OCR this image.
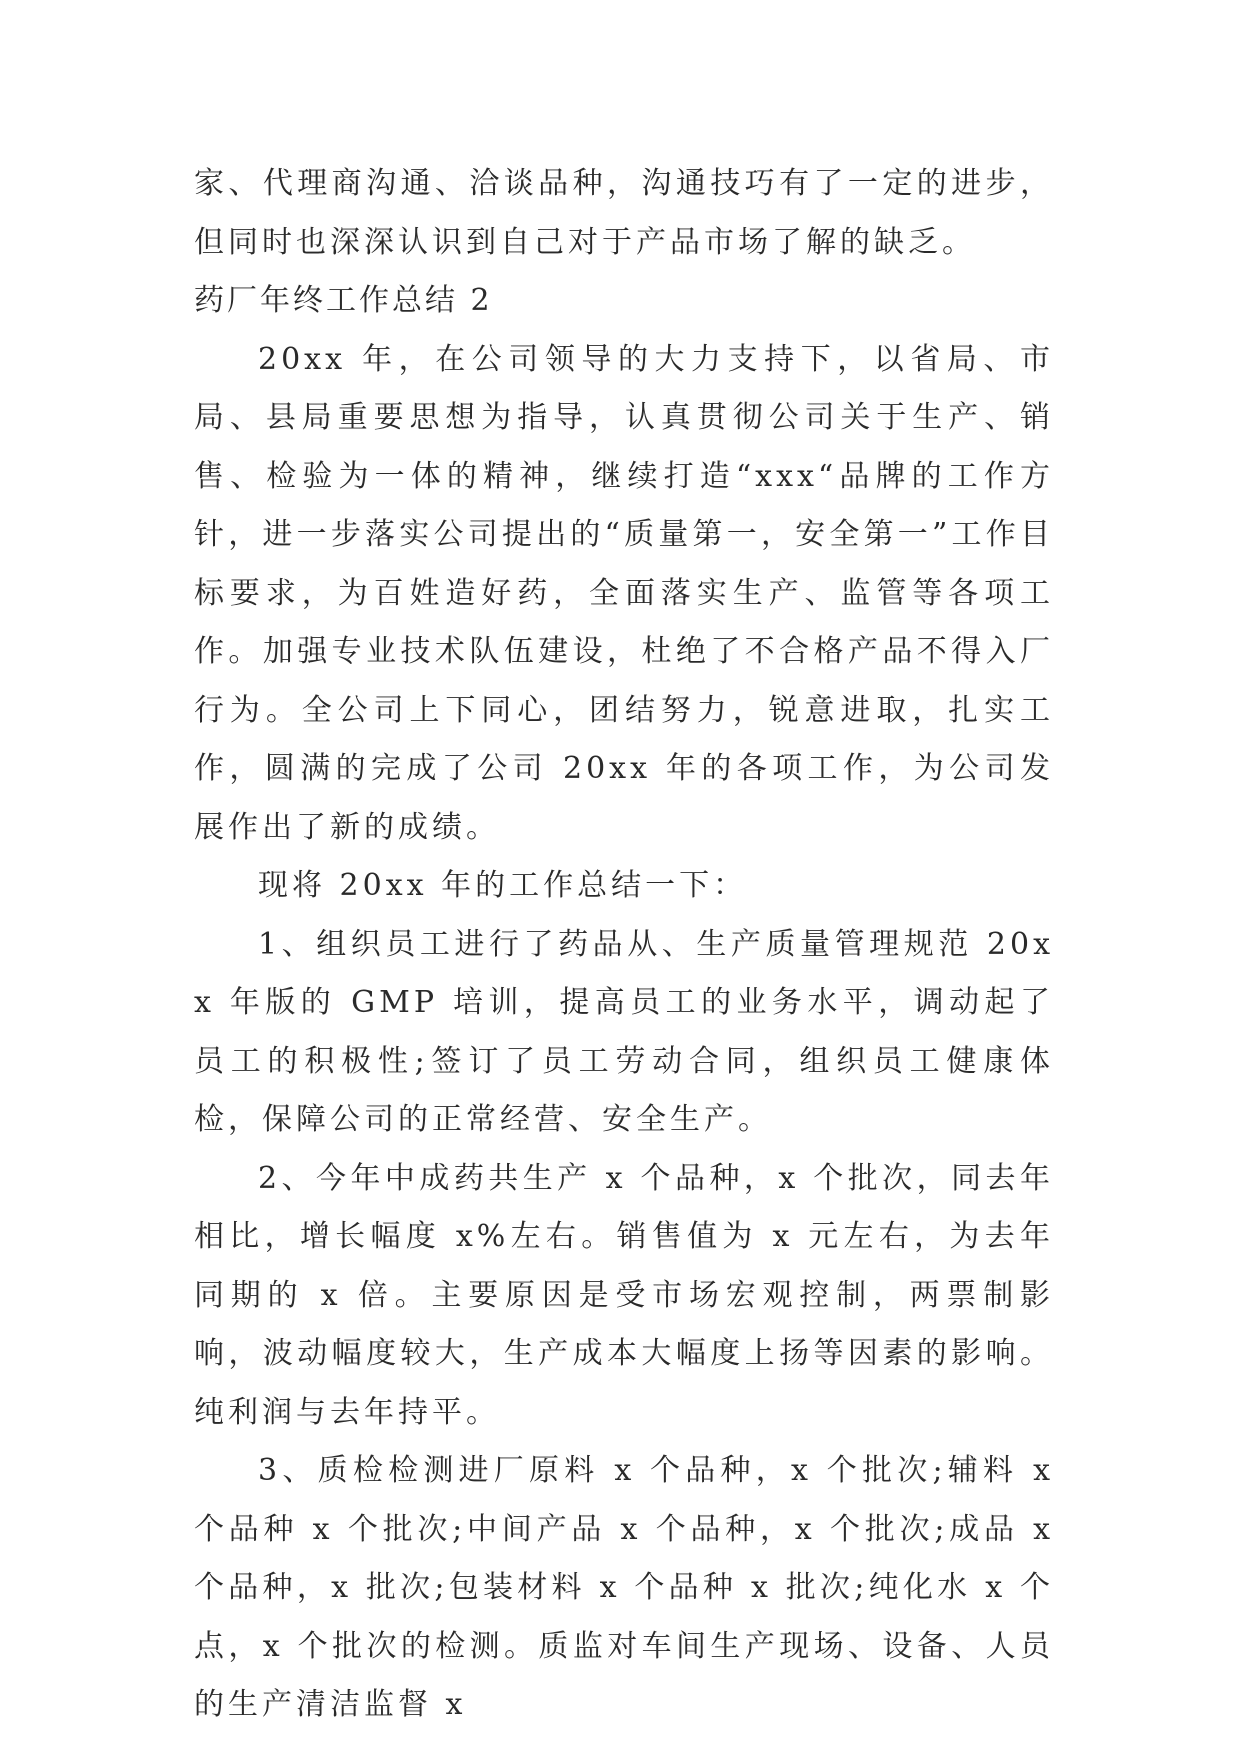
家、代理商沟通、洽谈品种，沟通技巧有了一定的进步，但同时也深深认识到自己对于产品市场了解的缺乏。

药厂年终工作总结 2

20xx 年，在公司领导的大力支持下，以省局、市局、县局重要思想为指导，认真贯彻公司关于生产、销售、检验为一体的精神，继续打造“xxx“品牌的工作方针，进一步落实公司提出的“质量第一，安全第一”工作目标要求，为百姓造好药，全面落实生产、监管等各项工作。加强专业技术队伍建设，杜绝了不合格产品不得入厂行为。全公司上下同心，团结努力，锐意进取，扎实工作，圆满的完成了公司 20xx 年的各项工作，为公司发展作出了新的成绩。

现将 20xx 年的工作总结一下：

1、组织员工进行了药品从、生产质量管理规范 20xx 年版的 GMP 培训，提高员工的业务水平，调动起了员工的积极性;签订了员工劳动合同，组织员工健康体检，保障公司的正常经营、安全生产。

2、今年中成药共生产 x 个品种，x 个批次，同去年相比，增长幅度 x%左右。销售值为 x 元左右，为去年同期的 x 倍。主要原因是受市场宏观控制，两票制影响，波动幅度较大，生产成本大幅度上扬等因素的影响。纯利润与去年持平。

3、质检检测进厂原料 x 个品种，x 个批次;辅料 x 个品种 x 个批次;中间产品 x 个品种，x 个批次;成品 x 个品种，x 批次;包装材料 x 个品种 x 批次;纯化水 x 个点，x 个批次的检测。质监对车间生产现场、设备、人员的生产清洁监督 x
